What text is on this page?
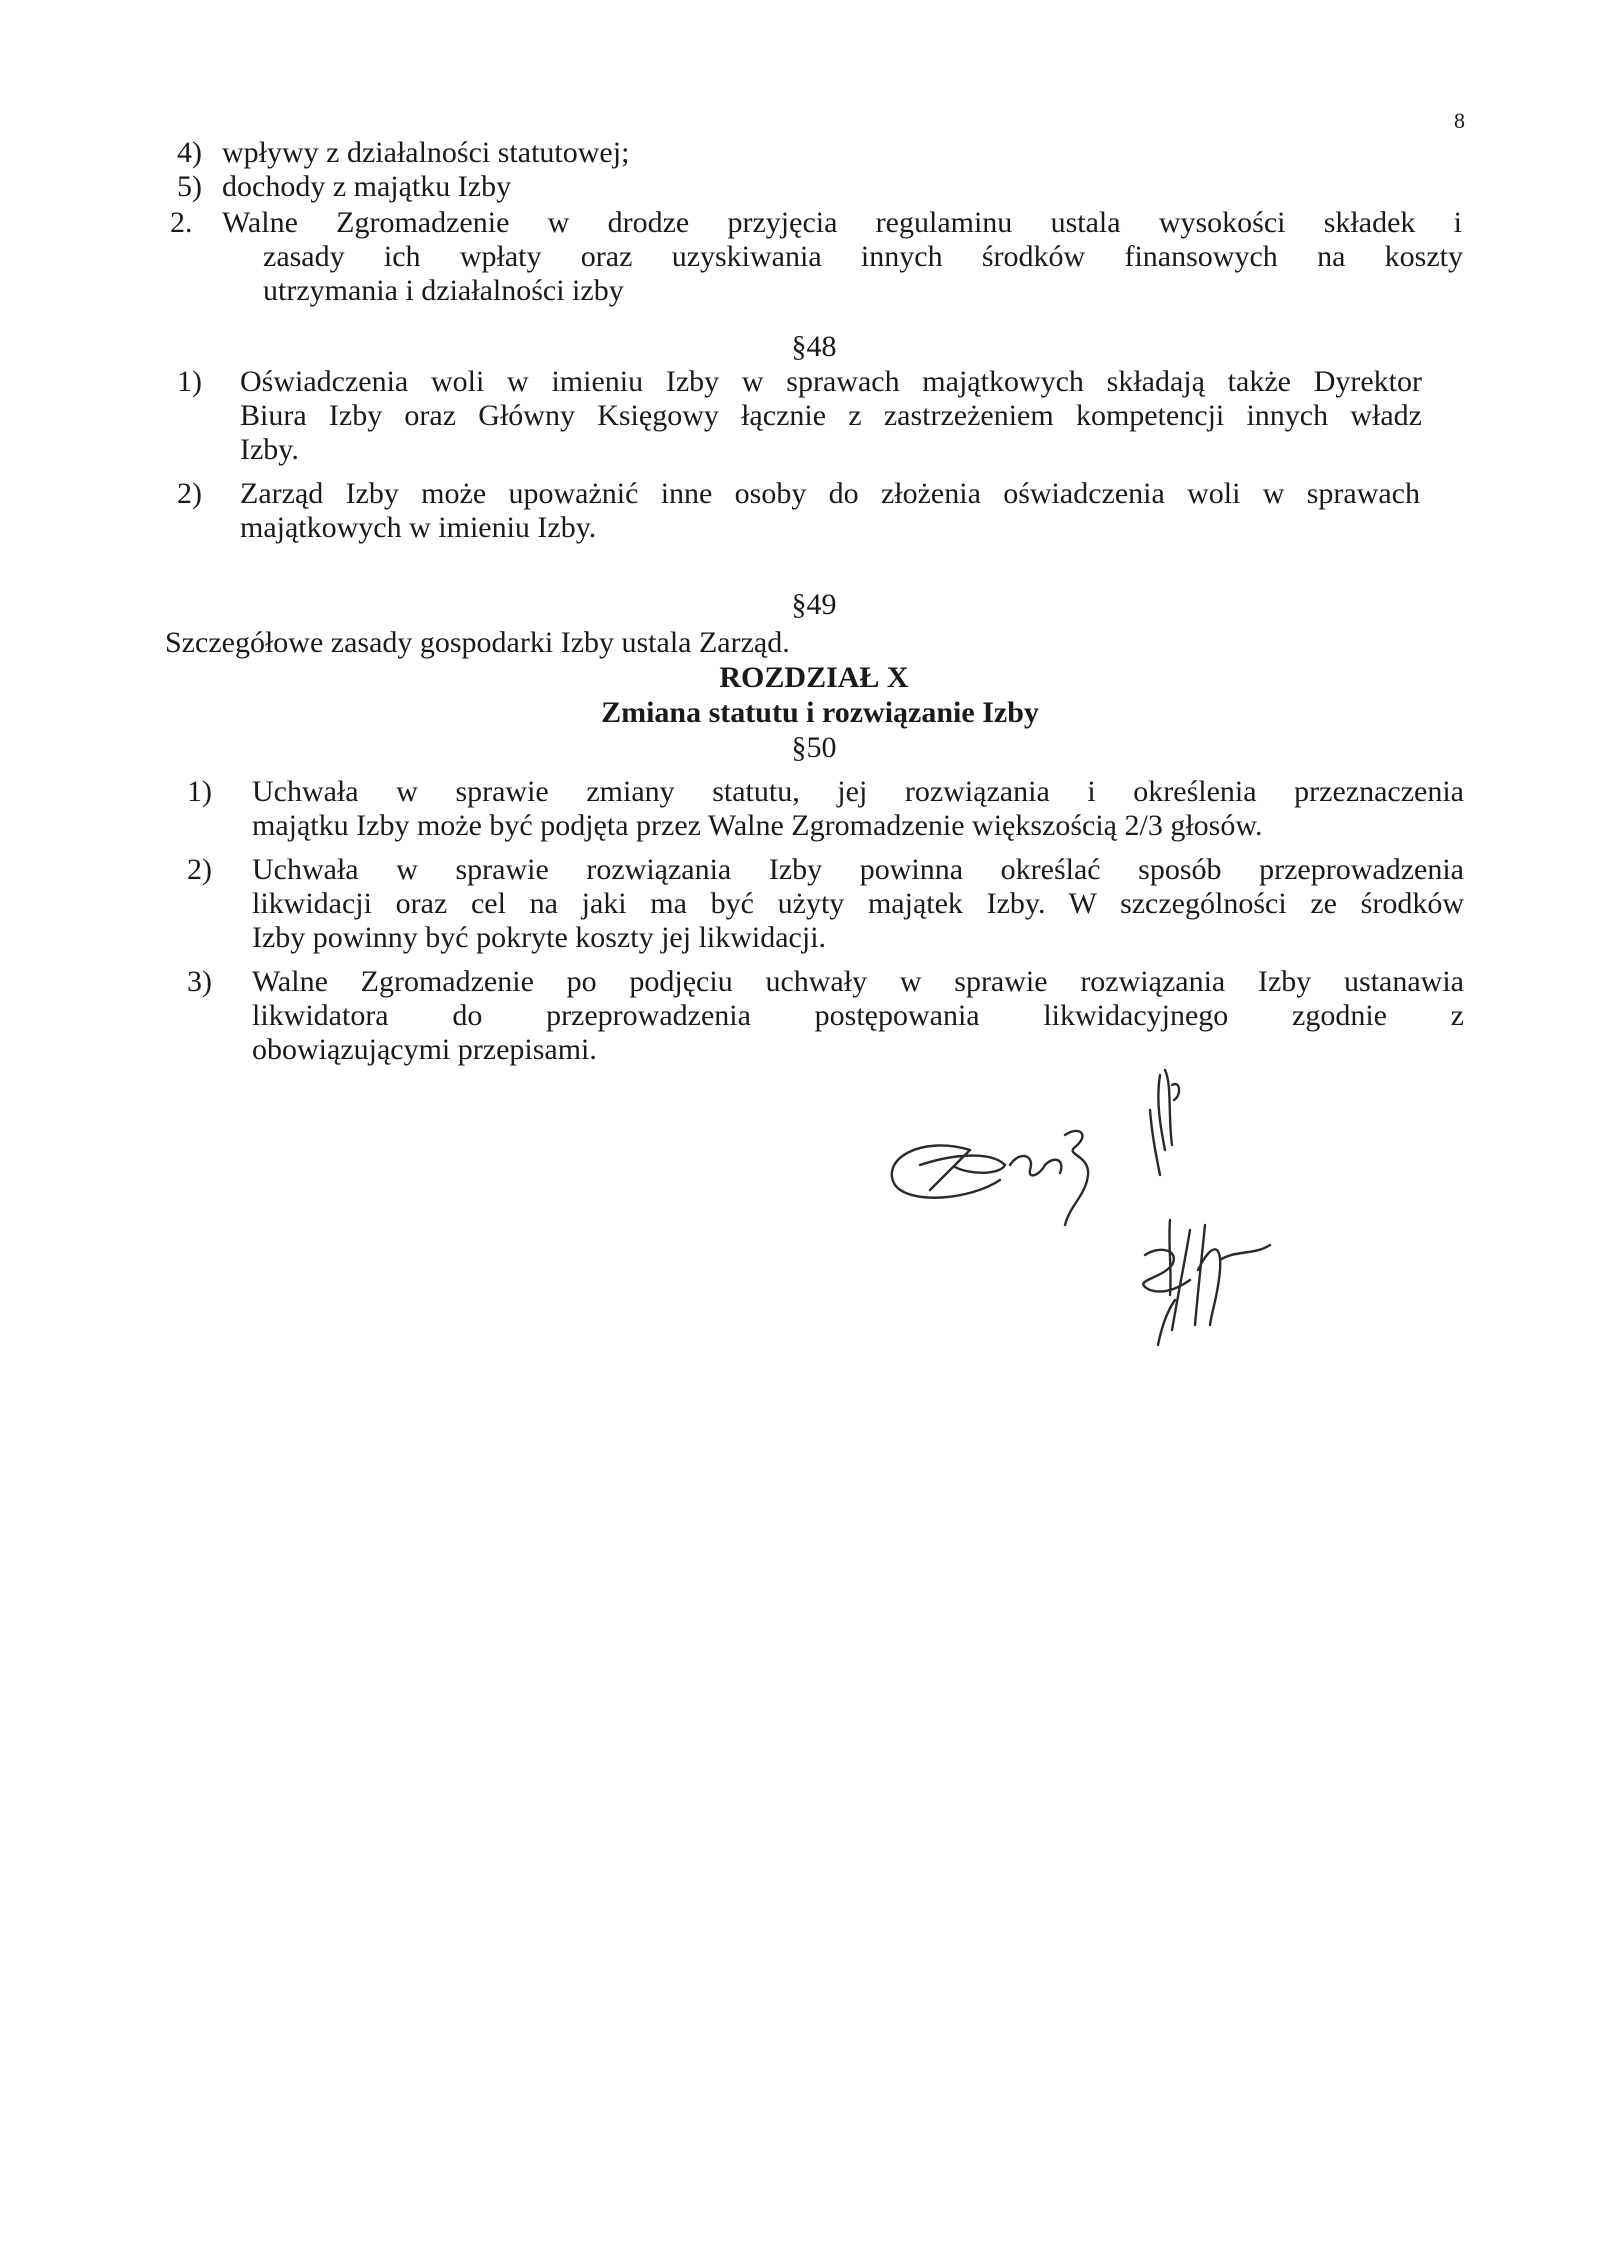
8
4) wpływy z działalności statutowej;
5) dochody z majątku Izby
2. Walne Zgromadzenie w drodze przyjęcia regulaminu ustala wysokości składek i
zasady ich wpłaty oraz uzyskiwania innych środków finansowych na koszty
utrzymania i działalności izby
§48
1) Oświadczenia woli w imieniu Izby w sprawach majątkowych składają także Dyrektor
Biura Izby oraz Główny Księgowy łącznie z zastrzeżeniem kompetencji innych władz
Izby.
2) Zarząd Izby może upoważnić inne osoby do złożenia oświadczenia woli w sprawach
majątkowych w imieniu Izby.
§49
Szczegółowe zasady gospodarki Izby ustala Zarząd.
ROZDZIAŁ X
Zmiana statutu i rozwiązanie Izby
§50
1) Uchwała w sprawie zmiany statutu, jej rozwiązania i określenia przeznaczenia
majątku Izby może być podjęta przez Walne Zgromadzenie większością 2/3 głosów.
2) Uchwała w sprawie rozwiązania Izby powinna określać sposób przeprowadzenia
likwidacji oraz cel na jaki ma być użyty majątek Izby. W szczególności ze środków
Izby powinny być pokryte koszty jej likwidacji.
3) Walne Zgromadzenie po podjęciu uchwały w sprawie rozwiązania Izby ustanawia
likwidatora do przeprowadzenia postępowania likwidacyjnego zgodnie z
obowiązującymi przepisami.
